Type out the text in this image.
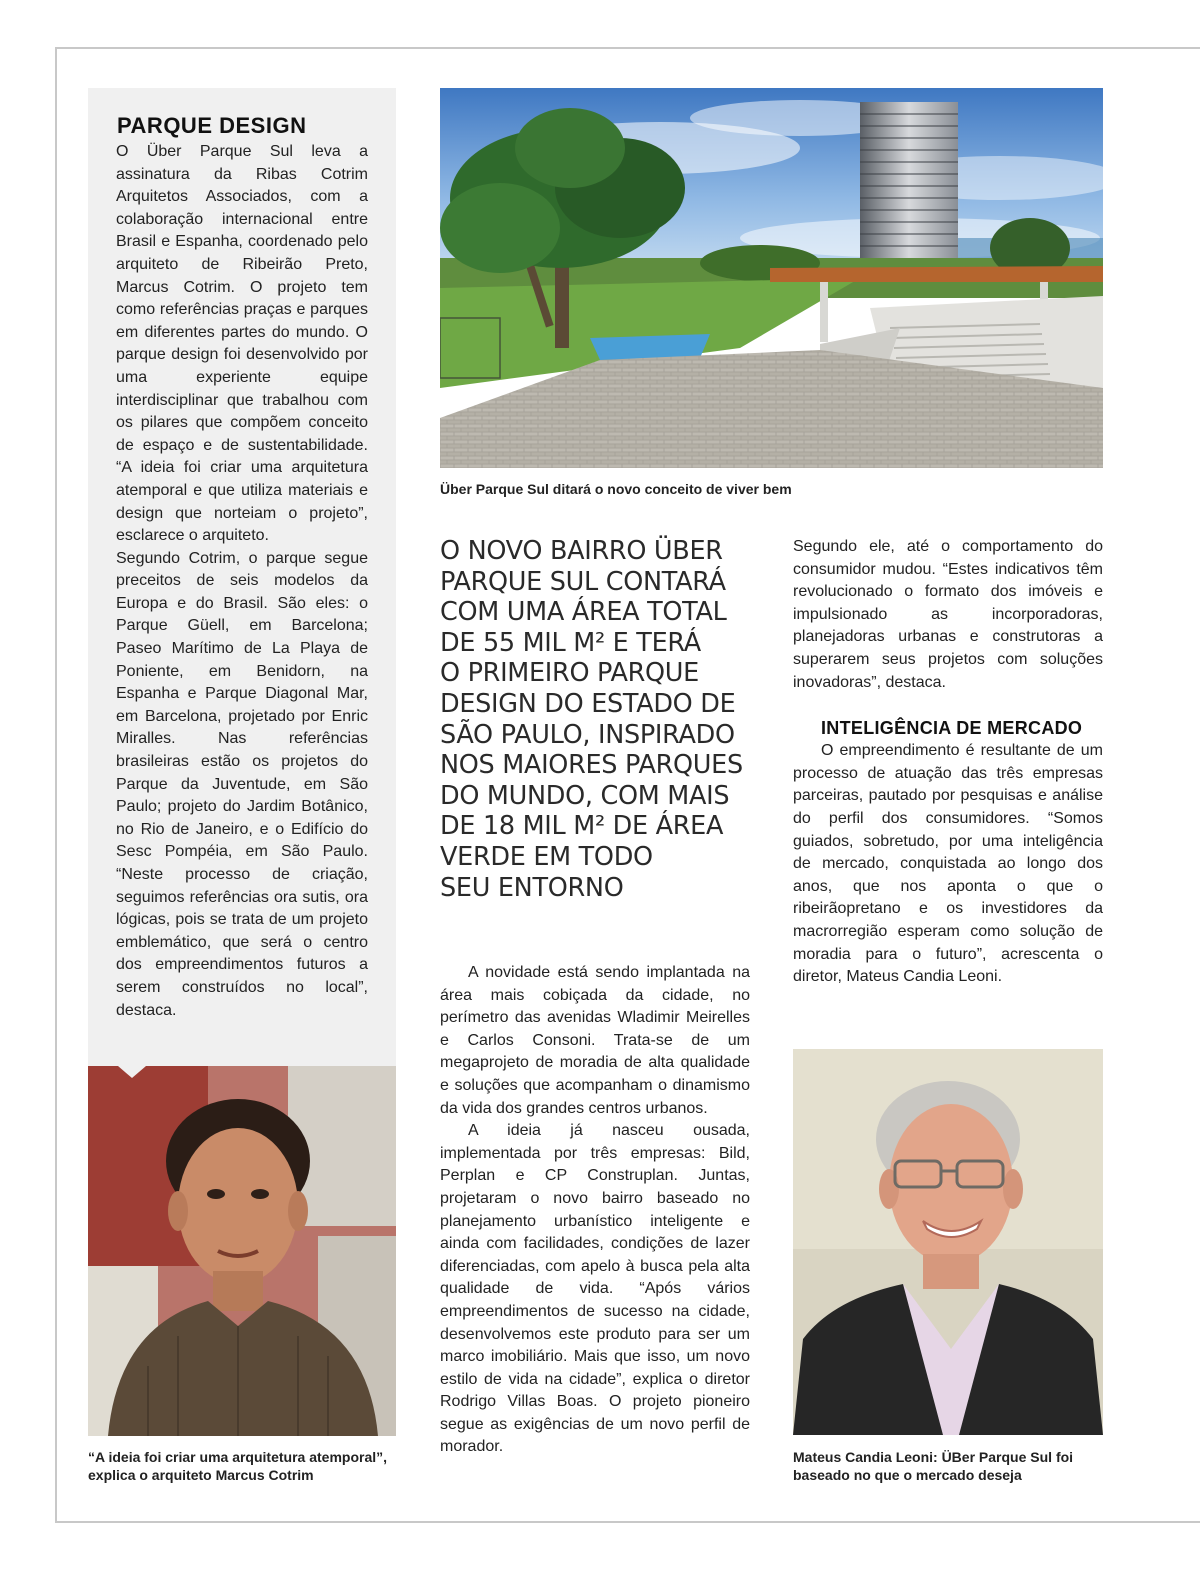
PARQUE DESIGN

O Über Parque Sul leva a assinatura da Ribas Cotrim Arquitetos Associados, com a colaboração internacional entre Brasil e Espanha, coordenado pelo arquiteto de Ribeirão Preto, Marcus Cotrim. O projeto tem como referências praças e parques em diferentes partes do mundo. O parque design foi desenvolvido por uma experiente equipe interdisciplinar que trabalhou com os pilares que compõem conceito de espaço e de sustentabilidade. “A ideia foi criar uma arquitetura atemporal e que utiliza materiais e design que norteiam o projeto”, esclarece o arquiteto.

Segundo Cotrim, o parque segue preceitos de seis modelos da Europa e do Brasil. São eles: o Parque Güell, em Barcelona; Paseo Marítimo de La Playa de Poniente, em Benidorn, na Espanha e Parque Diagonal Mar, em Barcelona, projetado por Enric Miralles. Nas referências brasileiras estão os projetos do Parque da Juventude, em São Paulo; projeto do Jardim Botânico, no Rio de Janeiro, e o Edifício do Sesc Pompéia, em São Paulo. “Neste processo de criação, seguimos referências ora sutis, ora lógicas, pois se trata de um projeto emblemático, que será o centro dos empreendimentos futuros a serem construídos no local”, destaca.

Über Parque Sul ditará o novo conceito de viver bem

O NOVO BAIRRO ÜBER
PARQUE SUL CONTARÁ
COM UMA ÁREA TOTAL
DE 55 MIL M² E TERÁ
O PRIMEIRO PARQUE
DESIGN DO ESTADO DE
SÃO PAULO, INSPIRADO
NOS MAIORES PARQUES
DO MUNDO, COM MAIS
DE 18 MIL M² DE ÁREA
VERDE EM TODO
SEU ENTORNO

A novidade está sendo implantada na área mais cobiçada da cidade, no perímetro das avenidas Wladimir Meirelles e Carlos Consoni. Trata-se de um megaprojeto de moradia de alta qualidade e soluções que acompanham o dinamismo da vida dos grandes centros urbanos.

A ideia já nasceu ousada, implementada por três empresas: Bild, Perplan e CP Construplan. Juntas, projetaram o novo bairro baseado no planejamento urbanístico inteligente e ainda com facilidades, condições de lazer diferenciadas, com apelo à busca pela alta qualidade de vida. “Após vários empreendimentos de sucesso na cidade, desenvolvemos este produto para ser um marco imobiliário. Mais que isso, um novo estilo de vida na cidade”, explica o diretor Rodrigo Villas Boas. O projeto pioneiro segue as exigências de um novo perfil de morador.

Segundo ele, até o comportamento do consumidor mudou. “Estes indicativos têm revolucionado o formato dos imóveis e impulsionado as incorporadoras, planejadoras urbanas e construtoras a superarem seus projetos com soluções inovadoras”, destaca.

INTELIGÊNCIA DE MERCADO

O empreendimento é resultante de um processo de atuação das três empresas parceiras, pautado por pesquisas e análise do perfil dos consumidores. “Somos guiados, sobretudo, por uma inteligência de mercado, conquistada ao longo dos anos, que nos aponta o que o ribeirãopretano e os investidores da macrorregião esperam como solução de moradia para o futuro”, acrescenta o diretor, Mateus Candia Leoni.

“A ideia foi criar uma arquitetura atemporal”, explica o arquiteto Marcus Cotrim

Mateus Candia Leoni: ÜBer Parque Sul foi baseado no que o mercado deseja
